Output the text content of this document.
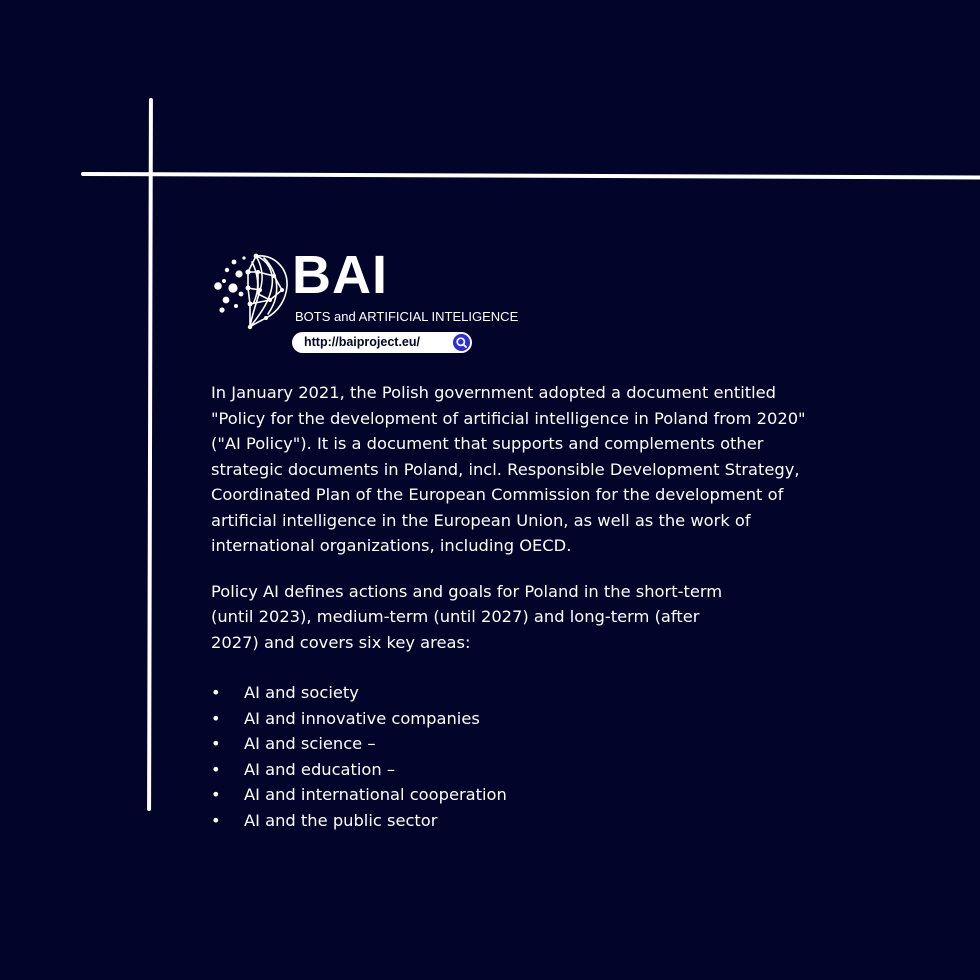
BAI
BOTS and ARTIFICIAL INTELIGENCE
http://baiproject.eu/

In January 2021, the Polish government adopted a document entitled
"Policy for the development of artificial intelligence in Poland from 2020"
("AI Policy"). It is a document that supports and complements other
strategic documents in Poland, incl. Responsible Development Strategy,
Coordinated Plan of the European Commission for the development of
artificial intelligence in the European Union, as well as the work of
international organizations, including OECD.

Policy AI defines actions and goals for Poland in the short-term
(until 2023), medium-term (until 2027) and long-term (after
2027) and covers six key areas:

• AI and society
• AI and innovative companies
• AI and science –
• AI and education –
• AI and international cooperation
• AI and the public sector
